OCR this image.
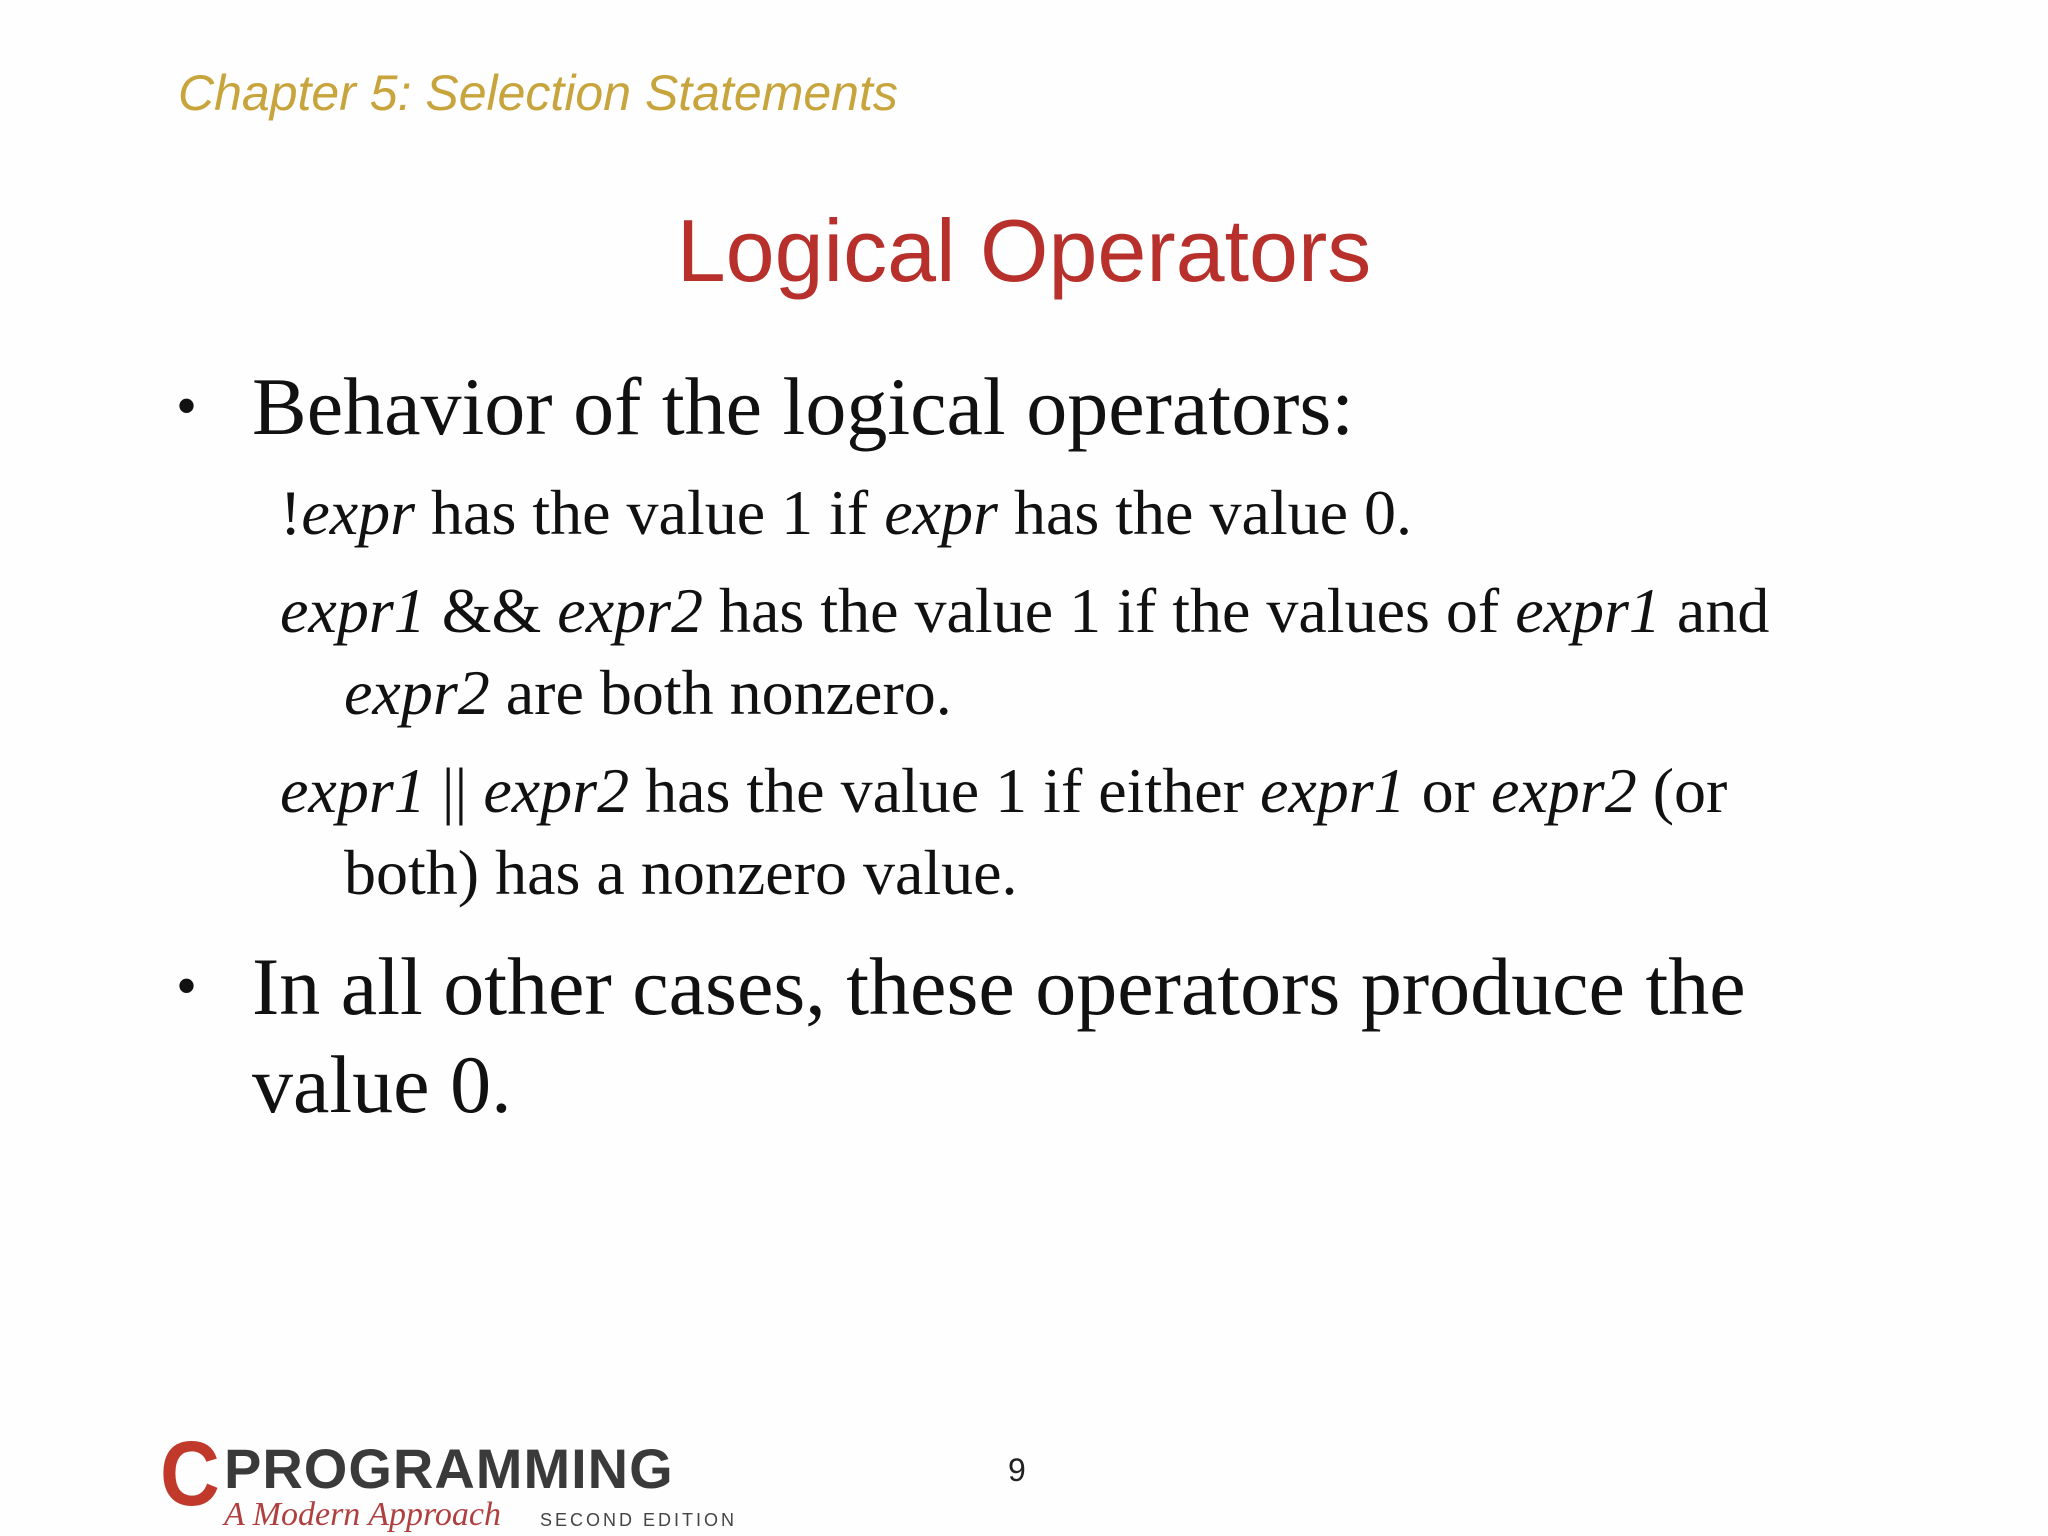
Chapter 5: Selection Statements
Logical Operators
• Behavior of the logical operators:
!expr has the value 1 if expr has the value 0.
expr1 && expr2 has the value 1 if the values of expr1 and
expr2 are both nonzero.
expr1 || expr2 has the value 1 if either expr1 or expr2 (or
both) has a nonzero value.
• In all other cases, these operators produce the
value 0.
C PROGRAMMING
A Modern Approach SECOND EDITION
9
